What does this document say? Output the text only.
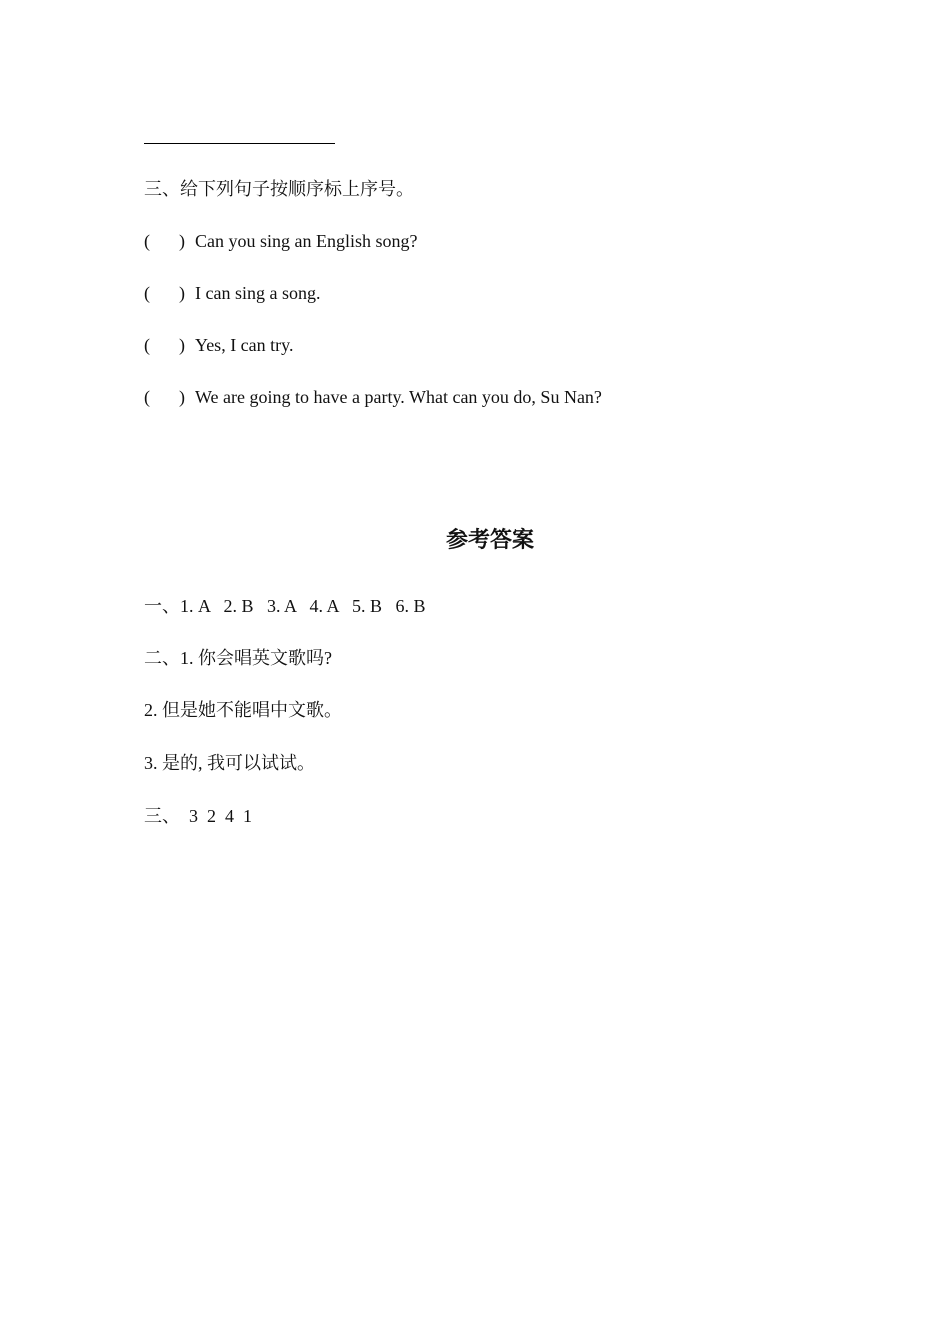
三、给下列句子按顺序标上序号。

(

)

Can you sing an English song?

(

)

I can sing a song.

(

)

Yes, I can try.

(

)

We are going to have a party. What can you do, Su Nan?

参考答案
一、1. A   2. B   3. A   4. A   5. B   6. B
二、1. 你会唱英文歌吗?
2. 但是她不能唱中文歌。
3. 是的, 我可以试试。
三、  3  2  4  1
